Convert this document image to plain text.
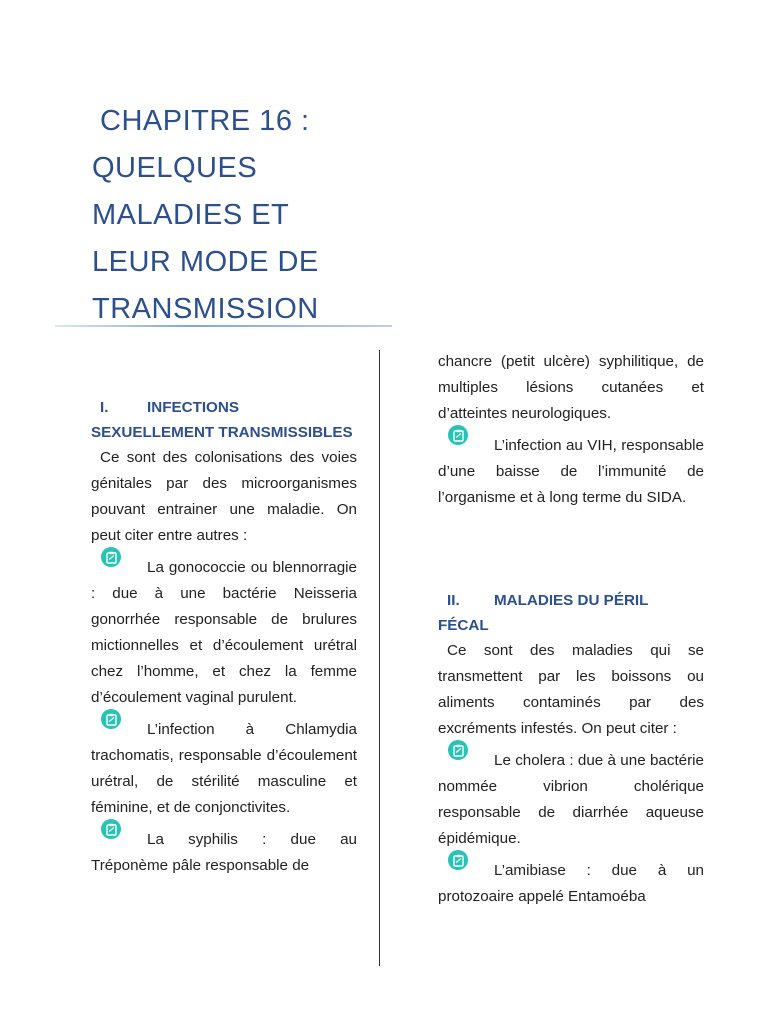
CHAPITRE 16 :
QUELQUES
MALADIES ET
LEUR MODE DE
TRANSMISSION

I.	INFECTIONS
SEXUELLEMENT TRANSMISSIBLES

Ce sont des colonisations des voies génitales par des microorganismes pouvant entrainer une maladie. On peut citer entre autres :

La gonococcie ou blennorragie : due à une bactérie Neisseria gonorrhée responsable de brulures mictionnelles et d’écoulement urétral chez l’homme, et chez la femme d’écoulement vaginal purulent.

L’infection à Chlamydia trachomatis, responsable d’écoulement urétral, de stérilité masculine et féminine, et de conjonctivites.

La syphilis : due au Tréponème pâle responsable de

chancre (petit ulcère) syphilitique, de multiples lésions cutanées et d’atteintes neurologiques.

L’infection au VIH, responsable d’une baisse de l’immunité de l’organisme et à long terme du SIDA.

II. MALADIES DU PÉRIL
FÉCAL

Ce sont des maladies qui se transmettent par les boissons ou aliments contaminés par des excréments infestés. On peut citer :

Le cholera : due à une bactérie nommée vibrion cholérique responsable de diarrhée aqueuse épidémique.

L’amibiase : due à un protozoaire appelé Entamoéba
